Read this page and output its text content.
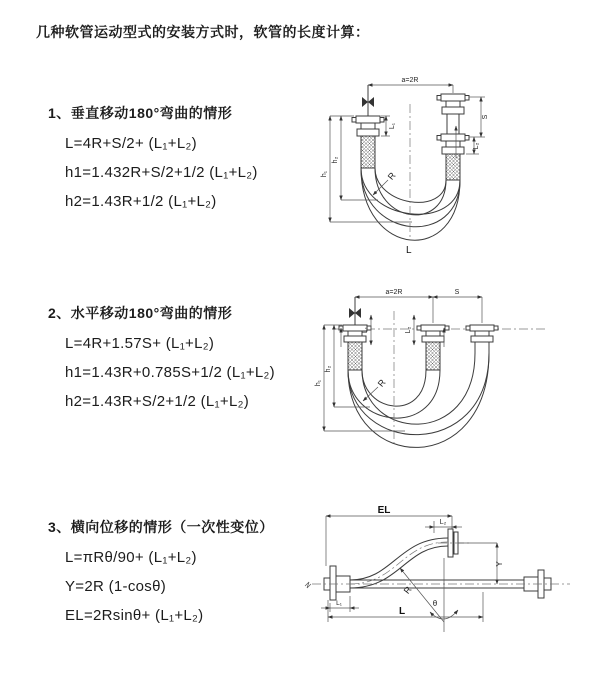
几种软管运动型式的安装方式时，软管的长度计算：
1、垂直移动180°弯曲的情形
L=4R+S/2+ (L₁+L₂)
h1=1.432R+S/2+1/2 (L₁+L₂)
h2=1.43R+1/2 (L₁+L₂)
2、水平移动180°弯曲的情形
L=4R+1.57S+ (L₁+L₂)
h1=1.43R+0.785S+1/2 (L₁+L₂)
h2=1.43R+S/2+1/2 (L₁+L₂)
3、横向位移的情形（一次性变位）
L=πRθ/90+ (L₁+L₂)
Y=2R (1-cosθ)
EL=2Rsinθ+ (L₁+L₂)
a=2R
L₁
S
L₂
h₁
h₂
R
L
a=2R	S
L₁	L₂
h₁
h₂
R
EL
L₂
R
θ
Y
L
L₁
